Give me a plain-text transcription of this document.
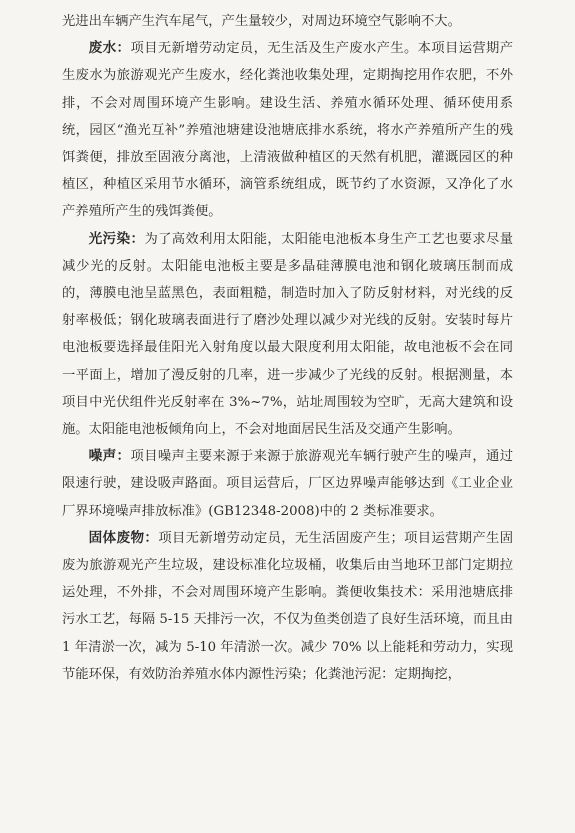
光进出车辆产生汽车尾气，产生量较少，对周边环境空气影响不大。

废水：项目无新增劳动定员，无生活及生产废水产生。本项目运营期产生废水为旅游观光产生废水，经化粪池收集处理，定期掏挖用作农肥，不外排，不会对周围环境产生影响。建设生活、养殖水循环处理、循环使用系统，园区“渔光互补”养殖池塘建设池塘底排水系统，将水产养殖所产生的残饵粪便，排放至固液分离池，上清液做种植区的天然有机肥，灌溉园区的种植区，种植区采用节水循环，滴管系统组成，既节约了水资源，又净化了水产养殖所产生的残饵粪便。

光污染：为了高效利用太阳能，太阳能电池板本身生产工艺也要求尽量减少光的反射。太阳能电池板主要是多晶硅薄膜电池和钢化玻璃压制而成的，薄膜电池呈蓝黑色，表面粗糙，制造时加入了防反射材料，对光线的反射率极低；钢化玻璃表面进行了磨沙处理以减少对光线的反射。安装时每片电池板要选择最佳阳光入射角度以最大限度利用太阳能，故电池板不会在同一平面上，增加了漫反射的几率，进一步减少了光线的反射。根据测量，本项目中光伏组件光反射率在 3%~7%，站址周围较为空旷，无高大建筑和设施。太阳能电池板倾角向上，不会对地面居民生活及交通产生影响。

噪声：项目噪声主要来源于来源于旅游观光车辆行驶产生的噪声，通过限速行驶，建设吸声路面。项目运营后，厂区边界噪声能够达到《工业企业厂界环境噪声排放标准》(GB12348-2008)中的 2 类标准要求。

固体废物：项目无新增劳动定员，无生活固废产生；项目运营期产生固废为旅游观光产生垃圾，建设标准化垃圾桶，收集后由当地环卫部门定期拉运处理，不外排，不会对周围环境产生影响。粪便收集技术：采用池塘底排污水工艺，每隔 5-15 天排污一次，不仅为鱼类创造了良好生活环境，而且由 1 年清淤一次，减为 5-10 年清淤一次。减少 70% 以上能耗和劳动力，实现节能环保，有效防治养殖水体内源性污染；化粪池污泥：定期掏挖，
